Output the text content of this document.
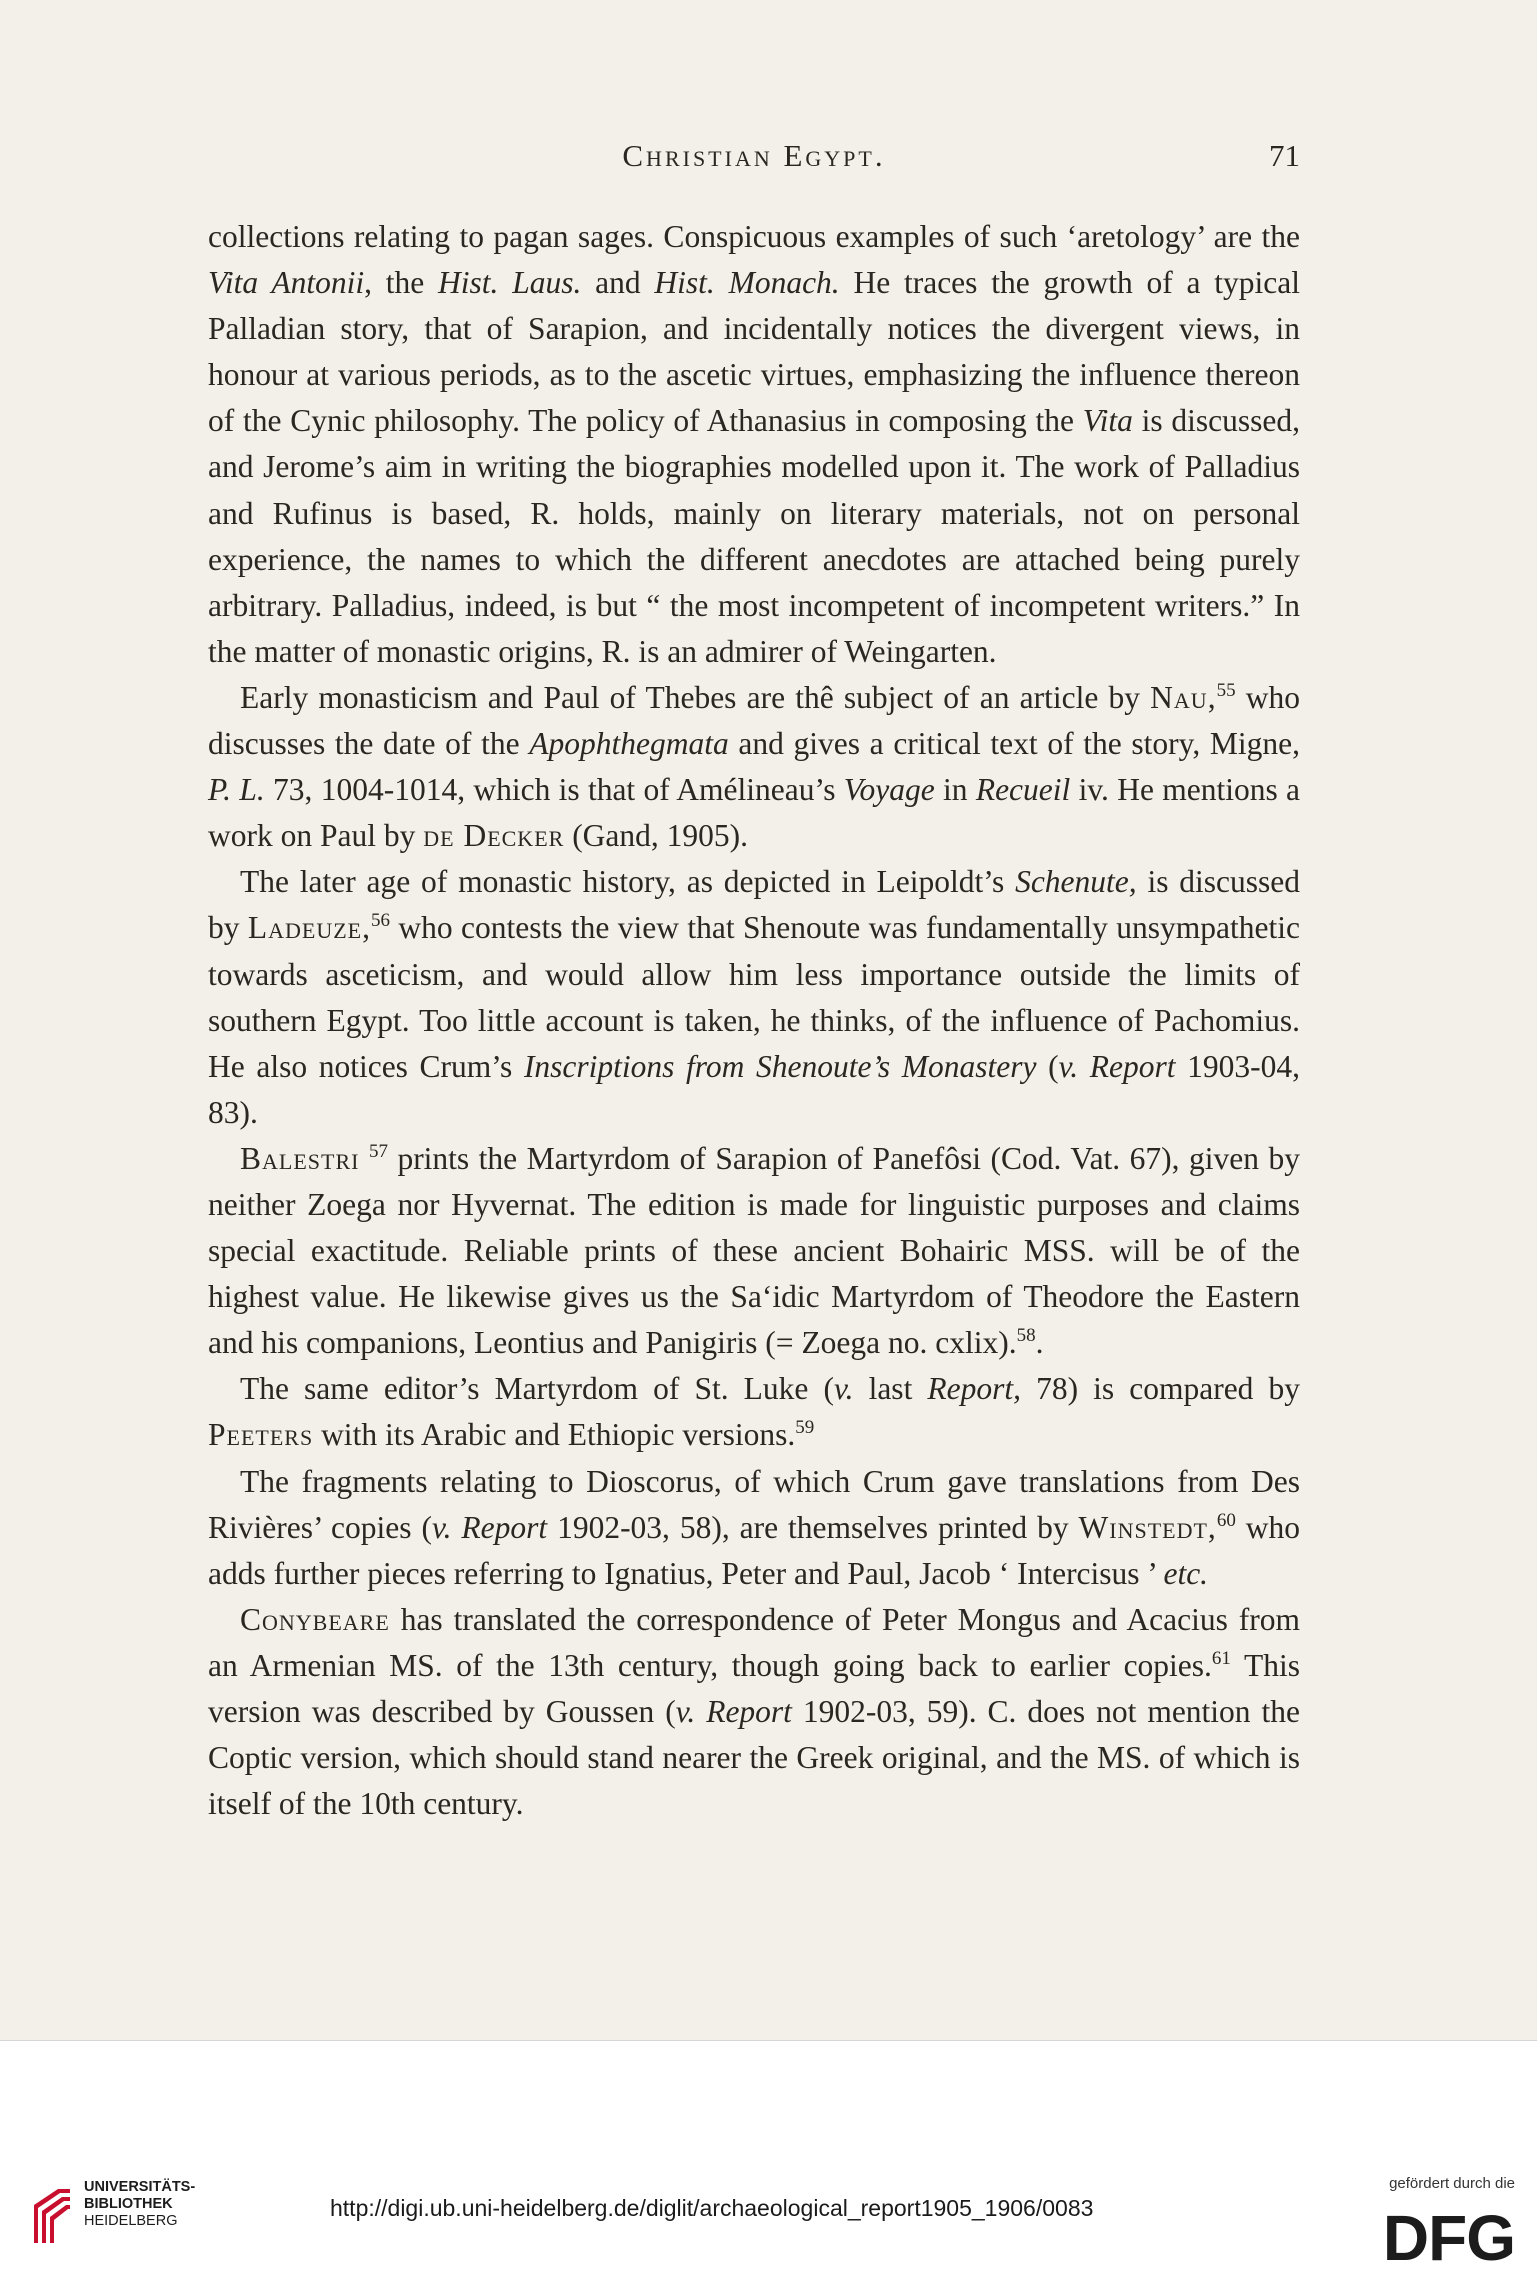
Christian Egypt.	71

collections relating to pagan sages. Conspicuous examples of such ‘aretology’ are the Vita Antonii, the Hist. Laus. and Hist. Monach. He traces the growth of a typical Palladian story, that of Sarapion, and incidentally notices the divergent views, in honour at various periods, as to the ascetic virtues, emphasizing the influence thereon of the Cynic philosophy. The policy of Athanasius in composing the Vita is discussed, and Jerome’s aim in writing the biographies modelled upon it. The work of Palladius and Rufinus is based, R. holds, mainly on literary materials, not on personal experience, the names to which the different anecdotes are attached being purely arbitrary. Palladius, indeed, is but “ the most incompetent of incompetent writers.” In the matter of monastic origins, R. is an admirer of Weingarten.

Early monasticism and Paul of Thebes are thê subject of an article by Nau,$^{55}$ who discusses the date of the Apophthegmata and gives a critical text of the story, Migne, P. L. 73, 1004-1014, which is that of Amélineau’s Voyage in Recueil iv. He mentions a work on Paul by de Decker (Gand, 1905).

The later age of monastic history, as depicted in Leipoldt’s Schenute, is discussed by Ladeuze,$^{56}$ who contests the view that Shenoute was fundamentally unsympathetic towards asceticism, and would allow him less importance outside the limits of southern Egypt. Too little account is taken, he thinks, of the influence of Pachomius. He also notices Crum’s Inscriptions from Shenoute’s Monastery (v. Report 1903-04, 83).

Balestri $^{57}$ prints the Martyrdom of Sarapion of Panefôsi (Cod. Vat. 67), given by neither Zoega nor Hyvernat. The edition is made for linguistic purposes and claims special exactitude. Reliable prints of these ancient Bohairic MSS. will be of the highest value. He likewise gives us the Sa‘idic Martyrdom of Theodore the Eastern and his companions, Leontius and Panigiris (= Zoega no. cxlix).$^{58}$.

The same editor’s Martyrdom of St. Luke (v. last Report, 78) is compared by Peeters with its Arabic and Ethiopic versions.$^{59}$

The fragments relating to Dioscorus, of which Crum gave translations from Des Rivières’ copies (v. Report 1902-03, 58), are themselves printed by Winstedt,$^{60}$ who adds further pieces referring to Ignatius, Peter and Paul, Jacob ‘ Intercisus ’ etc.

Conybeare has translated the correspondence of Peter Mongus and Acacius from an Armenian MS. of the 13th century, though going back to earlier copies.$^{61}$ This version was described by Goussen (v. Report 1902-03, 59). C. does not mention the Coptic version, which should stand nearer the Greek original, and the MS. of which is itself of the 10th century.

UNIVERSITÄTS-
BIBLIOTHEK
HEIDELBERG	http://digi.ub.uni-heidelberg.de/diglit/archaeological_report1905_1906/0083
gefördert durch die
DFG
